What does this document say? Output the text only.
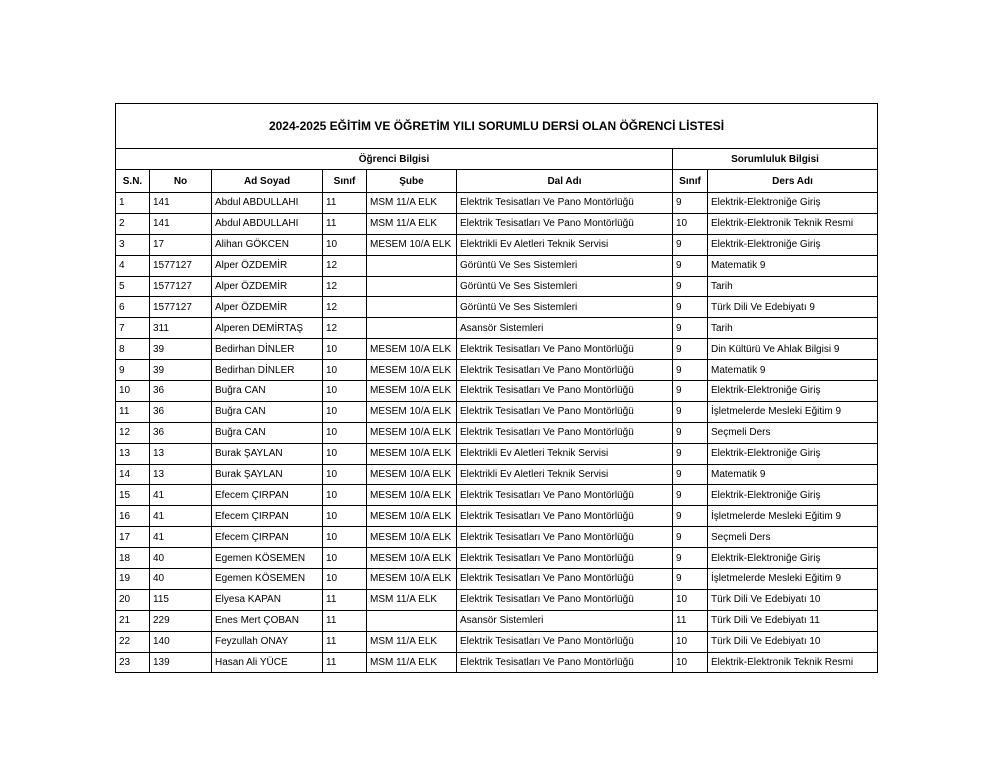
2024-2025 EĞİTİM VE ÖĞRETİM YILI SORUMLU DERSİ OLAN ÖĞRENCİ LİSTESİ							
Öğrenci Bilgisi						Sorumluluk Bilgisi	
S.N.	No	Ad Soyad	Sınıf	Şube	Dal Adı	Sınıf	Ders Adı
1	141	Abdul ABDULLAHI	11	MSM 11/A ELK	Elektrik Tesisatları Ve Pano Montörlüğü	9	Elektrik-Elektroniğe Giriş
2	141	Abdul ABDULLAHI	11	MSM 11/A ELK	Elektrik Tesisatları Ve Pano Montörlüğü	10	Elektrik-Elektronik Teknik Resmi
3	17	Alihan GÖKCEN	10	MESEM 10/A ELK	Elektrikli Ev Aletleri Teknik Servisi	9	Elektrik-Elektroniğe Giriş
4	1577127	Alper ÖZDEMİR	12		Görüntü Ve Ses Sistemleri	9	Matematik 9
5	1577127	Alper ÖZDEMİR	12		Görüntü Ve Ses Sistemleri	9	Tarih
6	1577127	Alper ÖZDEMİR	12		Görüntü Ve Ses Sistemleri	9	Türk Dili Ve Edebiyatı 9
7	311	Alperen DEMİRTAŞ	12		Asansör Sistemleri	9	Tarih
8	39	Bedirhan DİNLER	10	MESEM 10/A ELK	Elektrik Tesisatları Ve Pano Montörlüğü	9	Din Kültürü Ve Ahlak Bilgisi 9
9	39	Bedirhan DİNLER	10	MESEM 10/A ELK	Elektrik Tesisatları Ve Pano Montörlüğü	9	Matematik 9
10	36	Buğra CAN	10	MESEM 10/A ELK	Elektrik Tesisatları Ve Pano Montörlüğü	9	Elektrik-Elektroniğe Giriş
11	36	Buğra CAN	10	MESEM 10/A ELK	Elektrik Tesisatları Ve Pano Montörlüğü	9	İşletmelerde Mesleki Eğitim 9
12	36	Buğra CAN	10	MESEM 10/A ELK	Elektrik Tesisatları Ve Pano Montörlüğü	9	Seçmeli Ders
13	13	Burak ŞAYLAN	10	MESEM 10/A ELK	Elektrikli Ev Aletleri Teknik Servisi	9	Elektrik-Elektroniğe Giriş
14	13	Burak ŞAYLAN	10	MESEM 10/A ELK	Elektrikli Ev Aletleri Teknik Servisi	9	Matematik 9
15	41	Efecem ÇIRPAN	10	MESEM 10/A ELK	Elektrik Tesisatları Ve Pano Montörlüğü	9	Elektrik-Elektroniğe Giriş
16	41	Efecem ÇIRPAN	10	MESEM 10/A ELK	Elektrik Tesisatları Ve Pano Montörlüğü	9	İşletmelerde Mesleki Eğitim 9
17	41	Efecem ÇIRPAN	10	MESEM 10/A ELK	Elektrik Tesisatları Ve Pano Montörlüğü	9	Seçmeli Ders
18	40	Egemen KÖSEMEN	10	MESEM 10/A ELK	Elektrik Tesisatları Ve Pano Montörlüğü	9	Elektrik-Elektroniğe Giriş
19	40	Egemen KÖSEMEN	10	MESEM 10/A ELK	Elektrik Tesisatları Ve Pano Montörlüğü	9	İşletmelerde Mesleki Eğitim 9
20	115	Elyesa KAPAN	11	MSM 11/A ELK	Elektrik Tesisatları Ve Pano Montörlüğü	10	Türk Dili Ve Edebiyatı 10
21	229	Enes Mert ÇOBAN	11		Asansör Sistemleri	11	Türk Dili Ve Edebiyatı 11
22	140	Feyzullah ONAY	11	MSM 11/A ELK	Elektrik Tesisatları Ve Pano Montörlüğü	10	Türk Dili Ve Edebiyatı 10
23	139	Hasan Ali YÜCE	11	MSM 11/A ELK	Elektrik Tesisatları Ve Pano Montörlüğü	10	Elektrik-Elektronik Teknik Resmi
